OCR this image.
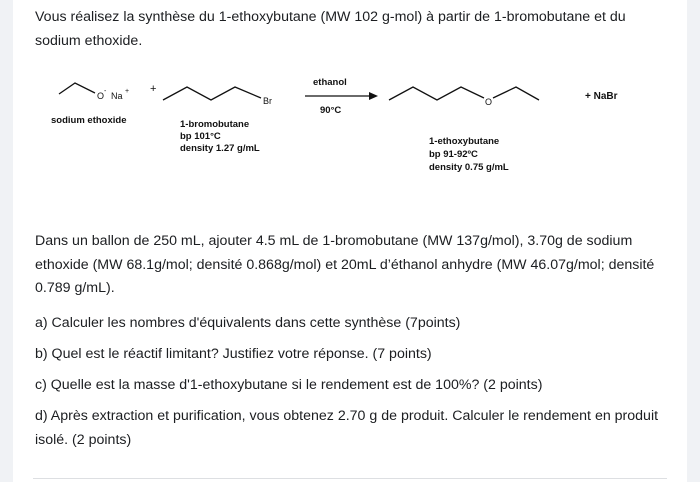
Vous réalisez la synthèse du 1-ethoxybutane (MW 102 g-mol) à partir de 1-bromobutane et du sodium ethoxide.

O - Na + +
Br
ethanol
90°C
O	+ NaBr
sodium ethoxide	1-bromobutane
bp 101°C
density 1.27 g/mL
1-ethoxybutane
bp 91-92ºC
density 0.75 g/mL

Dans un ballon de 250 mL, ajouter 4.5 mL de 1-bromobutane (MW 137g/mol), 3.70g de sodium ethoxide (MW 68.1g/mol; densité 0.868g/mol) et 20mL d’éthanol anhydre (MW 46.07g/mol; densité 0.789 g/mL).

a) Calculer les nombres d'équivalents dans cette synthèse (7points)

b) Quel est le réactif limitant? Justifiez votre réponse. (7 points)

c) Quelle est la masse d'1-ethoxybutane si le rendement est de 100%? (2 points)

d) Après extraction et purification, vous obtenez 2.70 g de produit. Calculer le rendement en produit isolé. (2 points)
